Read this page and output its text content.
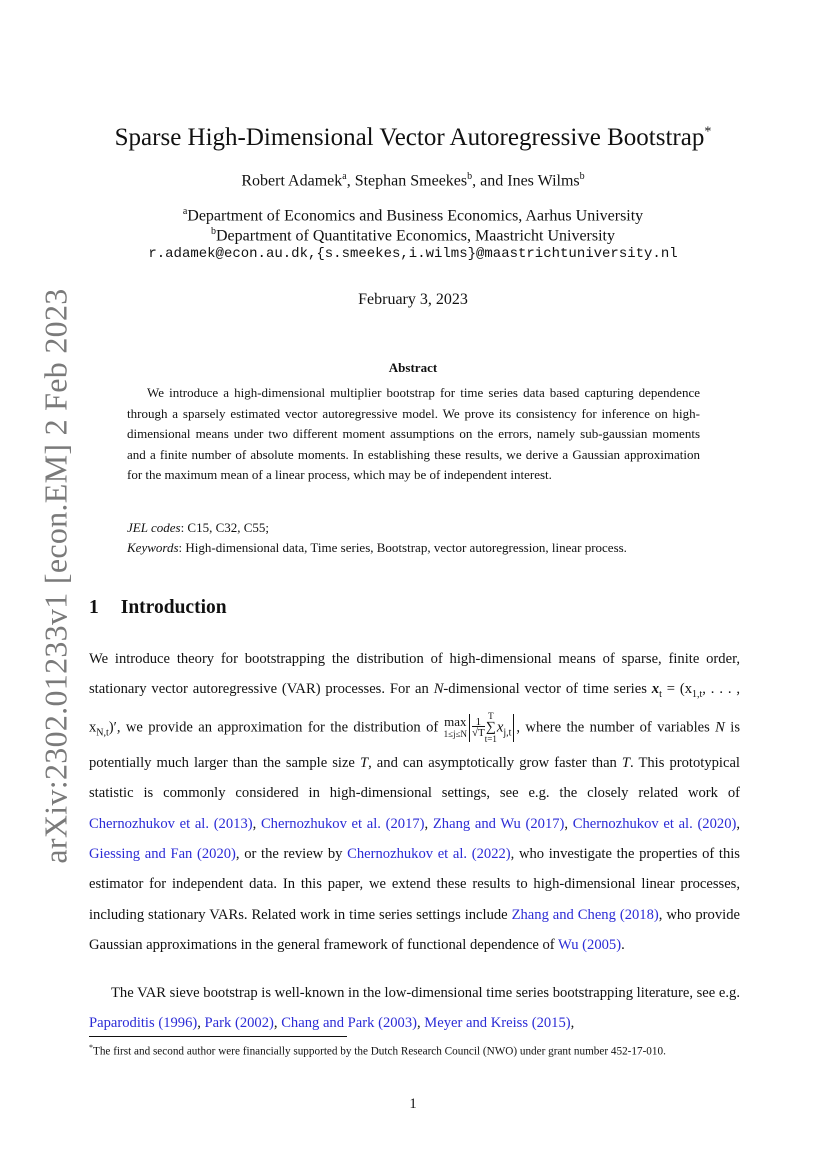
arXiv:2302.01233v1 [econ.EM] 2 Feb 2023
Sparse High-Dimensional Vector Autoregressive Bootstrap*
Robert Adamek$^a$, Stephan Smeekes$^b$, and Ines Wilms$^b$
$^a$Department of Economics and Business Economics, Aarhus University
$^b$Department of Quantitative Economics, Maastricht University
r.adamek@econ.au.dk,{s.smeekes,i.wilms}@maastrichtuniversity.nl
February 3, 2023
Abstract
We introduce a high-dimensional multiplier bootstrap for time series data based capturing dependence through a sparsely estimated vector autoregressive model. We prove its consistency for inference on high-dimensional means under two different moment assumptions on the errors, namely sub-gaussian moments and a finite number of absolute moments. In establishing these results, we derive a Gaussian approximation for the maximum mean of a linear process, which may be of independent interest.
JEL codes: C15, C32, C55;
Keywords: High-dimensional data, Time series, Bootstrap, vector autoregression, linear process.
1 Introduction
We introduce theory for bootstrapping the distribution of high-dimensional means of sparse, finite order, stationary vector autoregressive (VAR) processes. For an N-dimensional vector of time series $x_t = (x_{1,t}$, . . . , $x_{N,t})'$, we provide an approximation for the distribution of max
$1\le j\le N \frac{1}{√T}T$
∑
$t=1x_{j,t}$ , where the number of variables N is potentially much larger than the sample size T, and can asymptotically grow faster than T. This prototypical statistic is commonly considered in high-dimensional settings, see e.g. the closely related work of Chernozhukov et al. (2013), Chernozhukov et al. (2017), Zhang and Wu (2017), Chernozhukov et al. (2020), Giessing and Fan (2020), or the review by Chernozhukov et al. (2022), who investigate the properties of this estimator for independent data. In this paper, we extend these results to high-dimensional linear processes, including stationary VARs. Related work in time series settings include Zhang and Cheng (2018), who provide Gaussian approximations in the general framework of functional dependence of Wu (2005).
The VAR sieve bootstrap is well-known in the low-dimensional time series bootstrapping literature, see e.g. Paparoditis (1996), Park (2002), Chang and Park (2003), Meyer and Kreiss (2015),
*The first and second author were financially supported by the Dutch Research Council (NWO) under grant number 452-17-010.
1
